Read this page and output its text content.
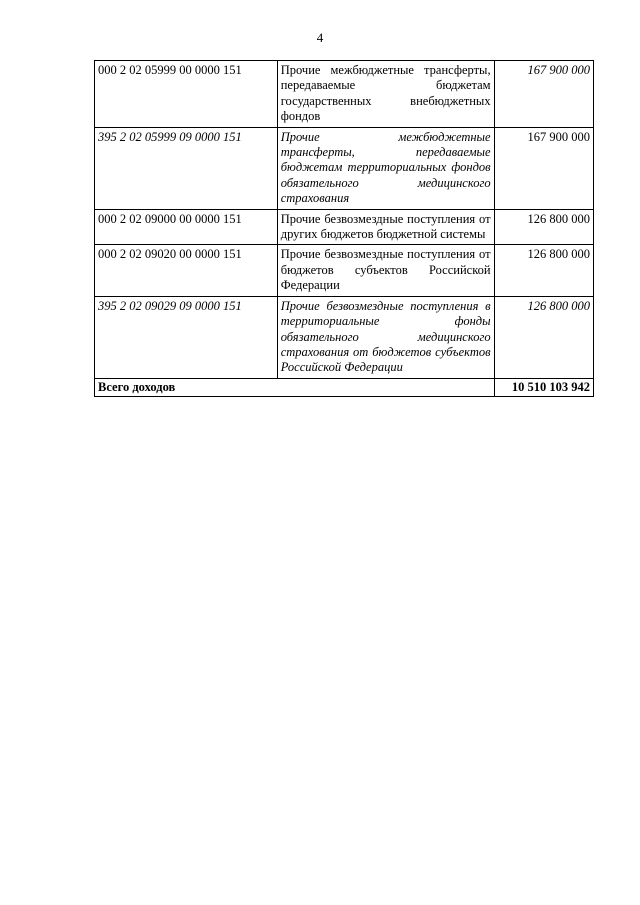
4
000 2 02 05999 00 0000 151	Прочие межбюджетные трансферты, передаваемые бюджетам государственных внебюджетных фондов	167 900 000
395 2 02 05999 09 0000 151	Прочие межбюджетные трансферты, передаваемые бюджетам территориальных фондов обязательного медицинского страхования	167 900 000
000 2 02 09000 00 0000 151	Прочие безвозмездные поступления от других бюджетов бюджетной системы	126 800 000
000 2 02 09020 00 0000 151	Прочие безвозмездные поступления от бюджетов субъектов Российской Федерации	126 800 000
395 2 02 09029 09 0000 151	Прочие безвозмездные поступления в территориальные фонды обязательного медицинского страхования от бюджетов субъектов Российской Федерации	126 800 000
Всего доходов		10 510 103 942
